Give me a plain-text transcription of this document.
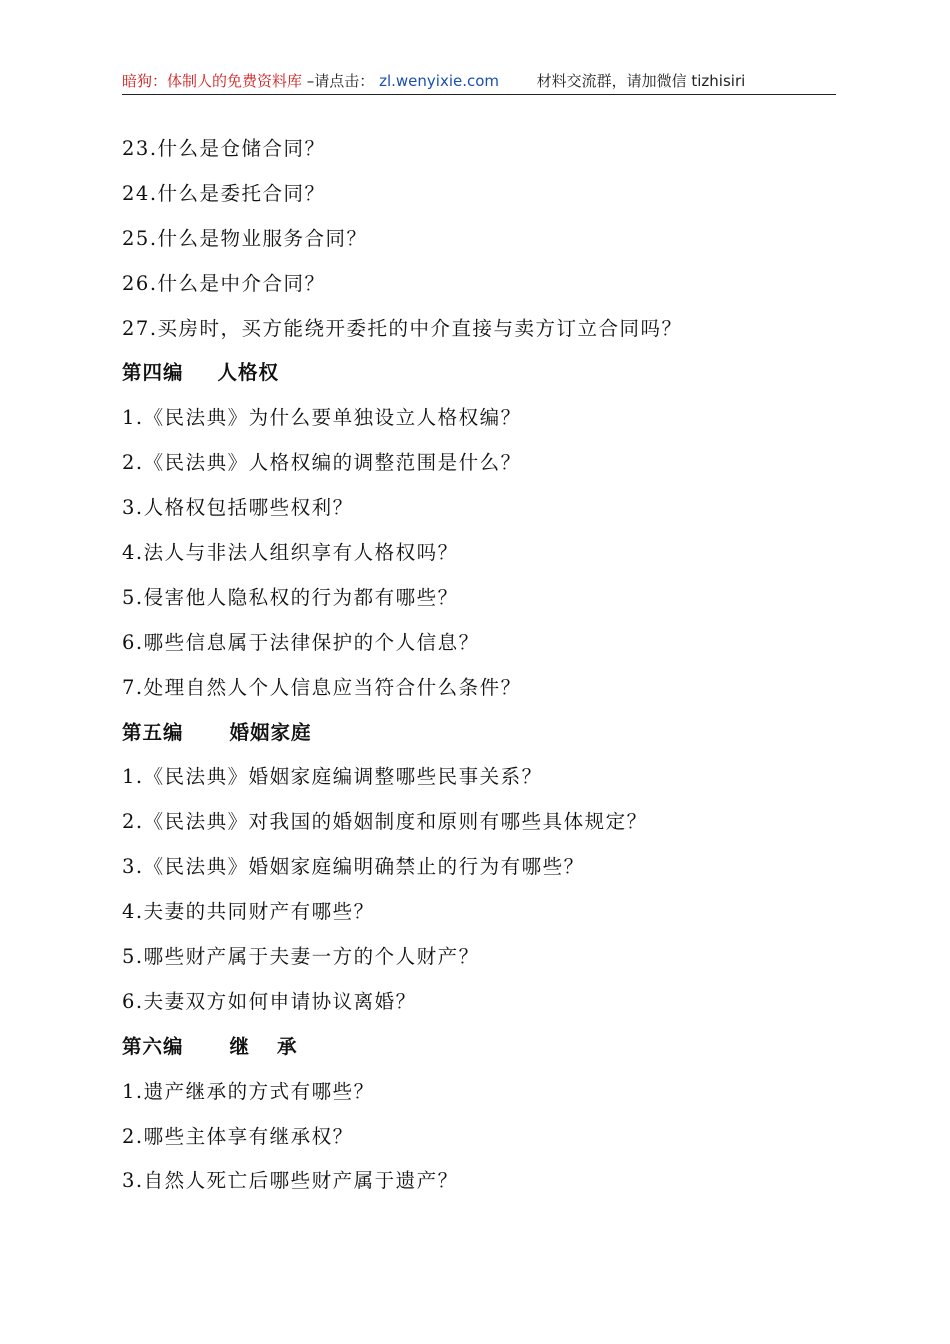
暗狗：体制人的免费资料库 –请点击： zl.wenyixie.com	材料交流群，请加微信 tizhisiri
23.什么是仓储合同？
24.什么是委托合同？
25.什么是物业服务合同？
26.什么是中介合同？
27.买房时，买方能绕开委托的中介直接与卖方订立合同吗？
第四编 人格权
1.《民法典》为什么要单独设立人格权编？
2.《民法典》人格权编的调整范围是什么？
3.人格权包括哪些权利？
4.法人与非法人组织享有人格权吗？
5.侵害他人隐私权的行为都有哪些？
6.哪些信息属于法律保护的个人信息？
7.处理自然人个人信息应当符合什么条件？
第五编 婚姻家庭
1.《民法典》婚姻家庭编调整哪些民事关系？
2.《民法典》对我国的婚姻制度和原则有哪些具体规定？
3.《民法典》婚姻家庭编明确禁止的行为有哪些？
4.夫妻的共同财产有哪些？
5.哪些财产属于夫妻一方的个人财产？
6.夫妻双方如何申请协议离婚？
第六编 继承
1.遗产继承的方式有哪些？
2.哪些主体享有继承权？
3.自然人死亡后哪些财产属于遗产？
